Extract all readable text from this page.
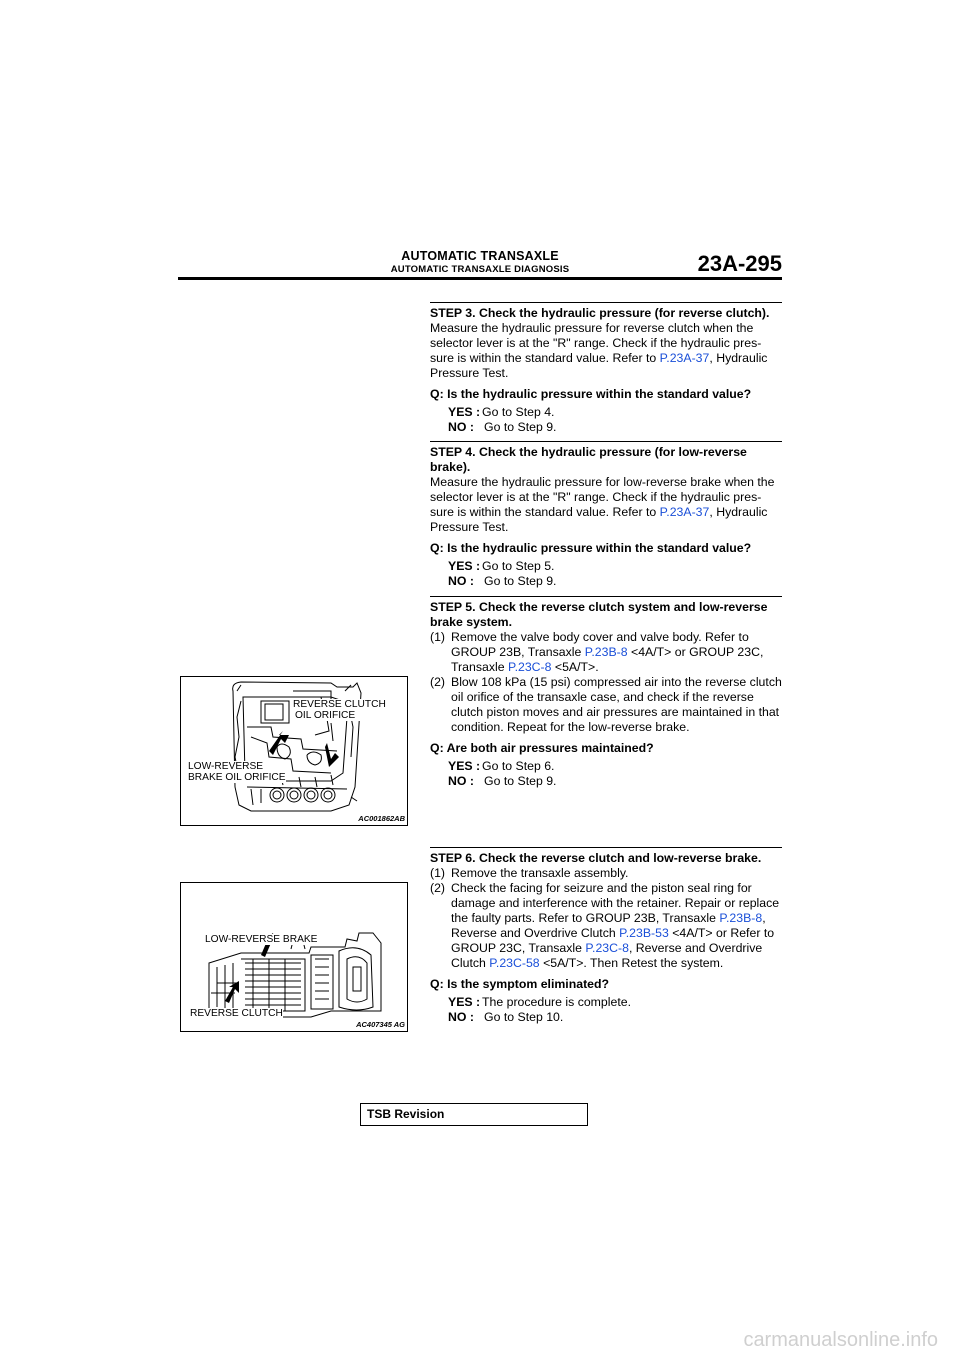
AUTOMATIC TRANSAXLE
AUTOMATIC TRANSAXLE DIAGNOSIS	23A-295
STEP 3. Check the hydraulic pressure (for reverse clutch).

Measure the hydraulic pressure for reverse clutch when the selector lever is at the "R" range. Check if the hydraulic pres-sure is within the standard value. Refer to P.23A-37, Hydraulic Pressure Test.

Q: Is the hydraulic pressure within the standard value?
YES : Go to Step 4.
NO : Go to Step 9.
STEP 4. Check the hydraulic pressure (for low-reverse brake).

Measure the hydraulic pressure for low-reverse brake when the selector lever is at the "R" range. Check if the hydraulic pres-sure is within the standard value. Refer to P.23A-37, Hydraulic Pressure Test.

Q: Is the hydraulic pressure within the standard value?
YES : Go to Step 5.
NO : Go to Step 9.
STEP 5. Check the reverse clutch system and low-reverse brake system.
(1) Remove the valve body cover and valve body. Refer to GROUP 23B, Transaxle P.23B-8 <4A/T> or GROUP 23C, Transaxle P.23C-8 <5A/T>.
(2) Blow 108 kPa (15 psi) compressed air into the reverse clutch oil orifice of the transaxle case, and check if the reverse clutch piston moves and air pressures are maintained in that condition. Repeat for the low-reverse brake.
Q: Are both air pressures maintained?
YES : Go to Step 6.
NO : Go to Step 9.
STEP 6. Check the reverse clutch and low-reverse brake.
(1) Remove the transaxle assembly.
(2) Check the facing for seizure and the piston seal ring for damage and interference with the retainer. Repair or replace the faulty parts. Refer to GROUP 23B, Transaxle P.23B-8, Reverse and Overdrive Clutch P.23B-53 <4A/T> or Refer to GROUP 23C, Transaxle P.23C-8, Reverse and Overdrive Clutch P.23C-58 <5A/T>. Then Retest the system.
Q: Is the symptom eliminated?
YES : The procedure is complete.
NO : Go to Step 10.
REVERSE CLUTCH
OIL ORIFICE
LOW-REVERSE
BRAKE OIL ORIFICE
AC001862AB
LOW-REVERSE BRAKE
REVERSE CLUTCH
AC407345 AG
TSB Revision
carmanualsonline.info
